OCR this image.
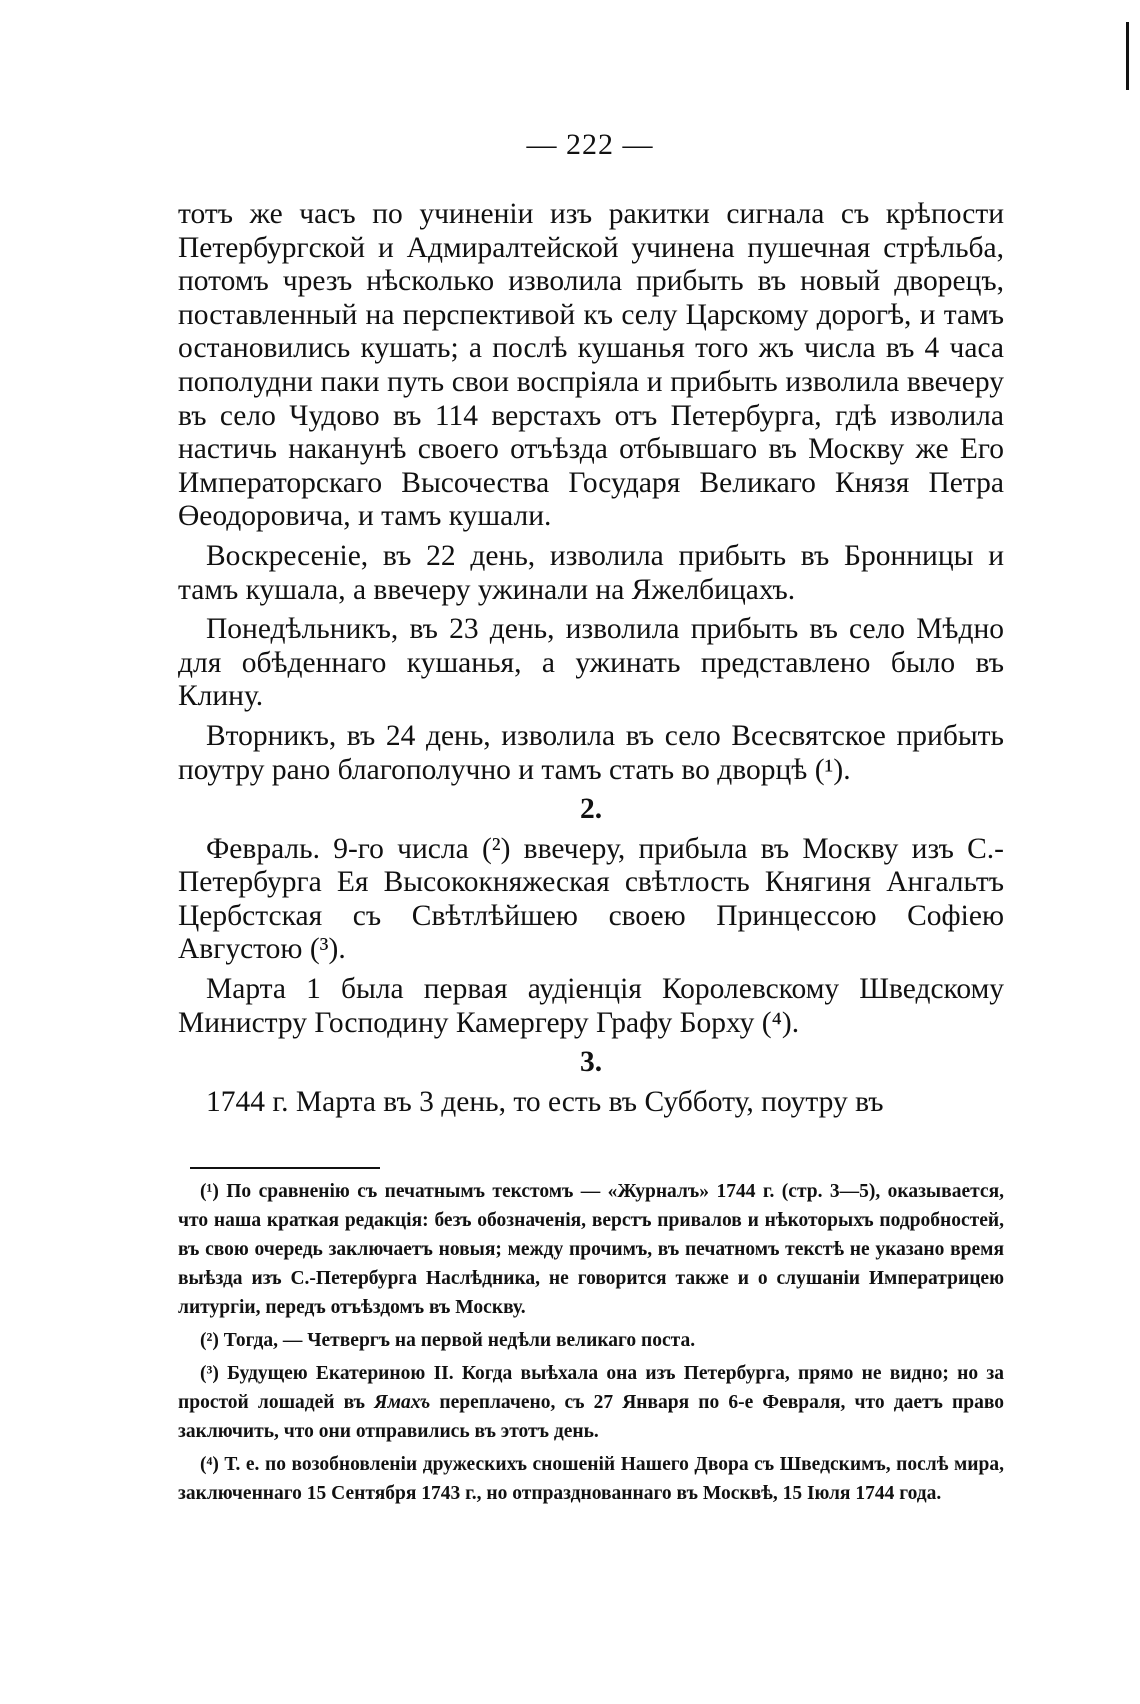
— 222 —

тотъ же часъ по учиненіи изъ ракитки сигнала съ крѣпости Петербургской и Адмиралтейской учинена пушечная стрѣльба, потомъ чрезъ нѣсколько изволила прибыть въ новый дворецъ, поставленный на перспективой къ селу Царскому дорогѣ, и тамъ остановились кушать; а послѣ кушанья того жъ числа въ 4 часа пополудни паки путь свои воспріяла и прибыть изволила ввечеру въ село Чудово въ 114 верстахъ отъ Петербурга, гдѣ изволила настичь наканунѣ своего отъѣзда отбывшаго въ Москву же Его Императорскаго Высочества Государя Великаго Князя Петра Өеодоровича, и тамъ кушали.

Воскресеніе, въ 22 день, изволила прибыть въ Бронницы и тамъ кушала, а ввечеру ужинали на Яжелбицахъ.

Понедѣльникъ, въ 23 день, изволила прибыть въ село Мѣдно для обѣденнаго кушанья, а ужинать представлено было въ Клину.

Вторникъ, въ 24 день, изволила въ село Всесвятское прибыть поутру рано благополучно и тамъ стать во дворцѣ (¹).

2.

Февраль. 9-го числа (²) ввечеру, прибыла въ Москву изъ С.-Петербурга Ея Высококняжеская свѣтлость Княгиня Ангальтъ Цербстская съ Свѣтлѣйшею своею Принцессою Софіею Августою (³).

Марта 1 была первая аудіенція Королевскому Шведскому Министру Господину Камергеру Графу Борху (⁴).

3.

1744 г. Марта въ 3 день, то есть въ Субботу, поутру въ

(¹) По сравненію съ печатнымъ текстомъ — «Журналъ» 1744 г. (стр. 3—5), оказывается, что наша краткая редакція: безъ обозначенія, верстъ привалов и нѣкоторыхъ подробностей, въ свою очередь заключаетъ новыя; между прочимъ, въ печатномъ текстѣ не указано время выѣзда изъ С.-Петербурга Наслѣдника, не говорится также и о слушаніи Императрицею литургіи, передъ отъѣздомъ въ Москву.

(²) Тогда, — Четвергъ на первой недѣли великаго поста.

(³) Будущею Екатериною II. Когда выѣхала она изъ Петербурга, прямо не видно; но за простой лошадей въ Ямахъ переплачено, съ 27 Января по 6-е Февраля, что даетъ право заключить, что они отправились въ этотъ день.

(⁴) Т. е. по возобновленіи дружескихъ сношеній Нашего Двора съ Шведскимъ, послѣ мира, заключеннаго 15 Сентября 1743 г., но отпразднованнаго въ Москвѣ, 15 Іюля 1744 года.
